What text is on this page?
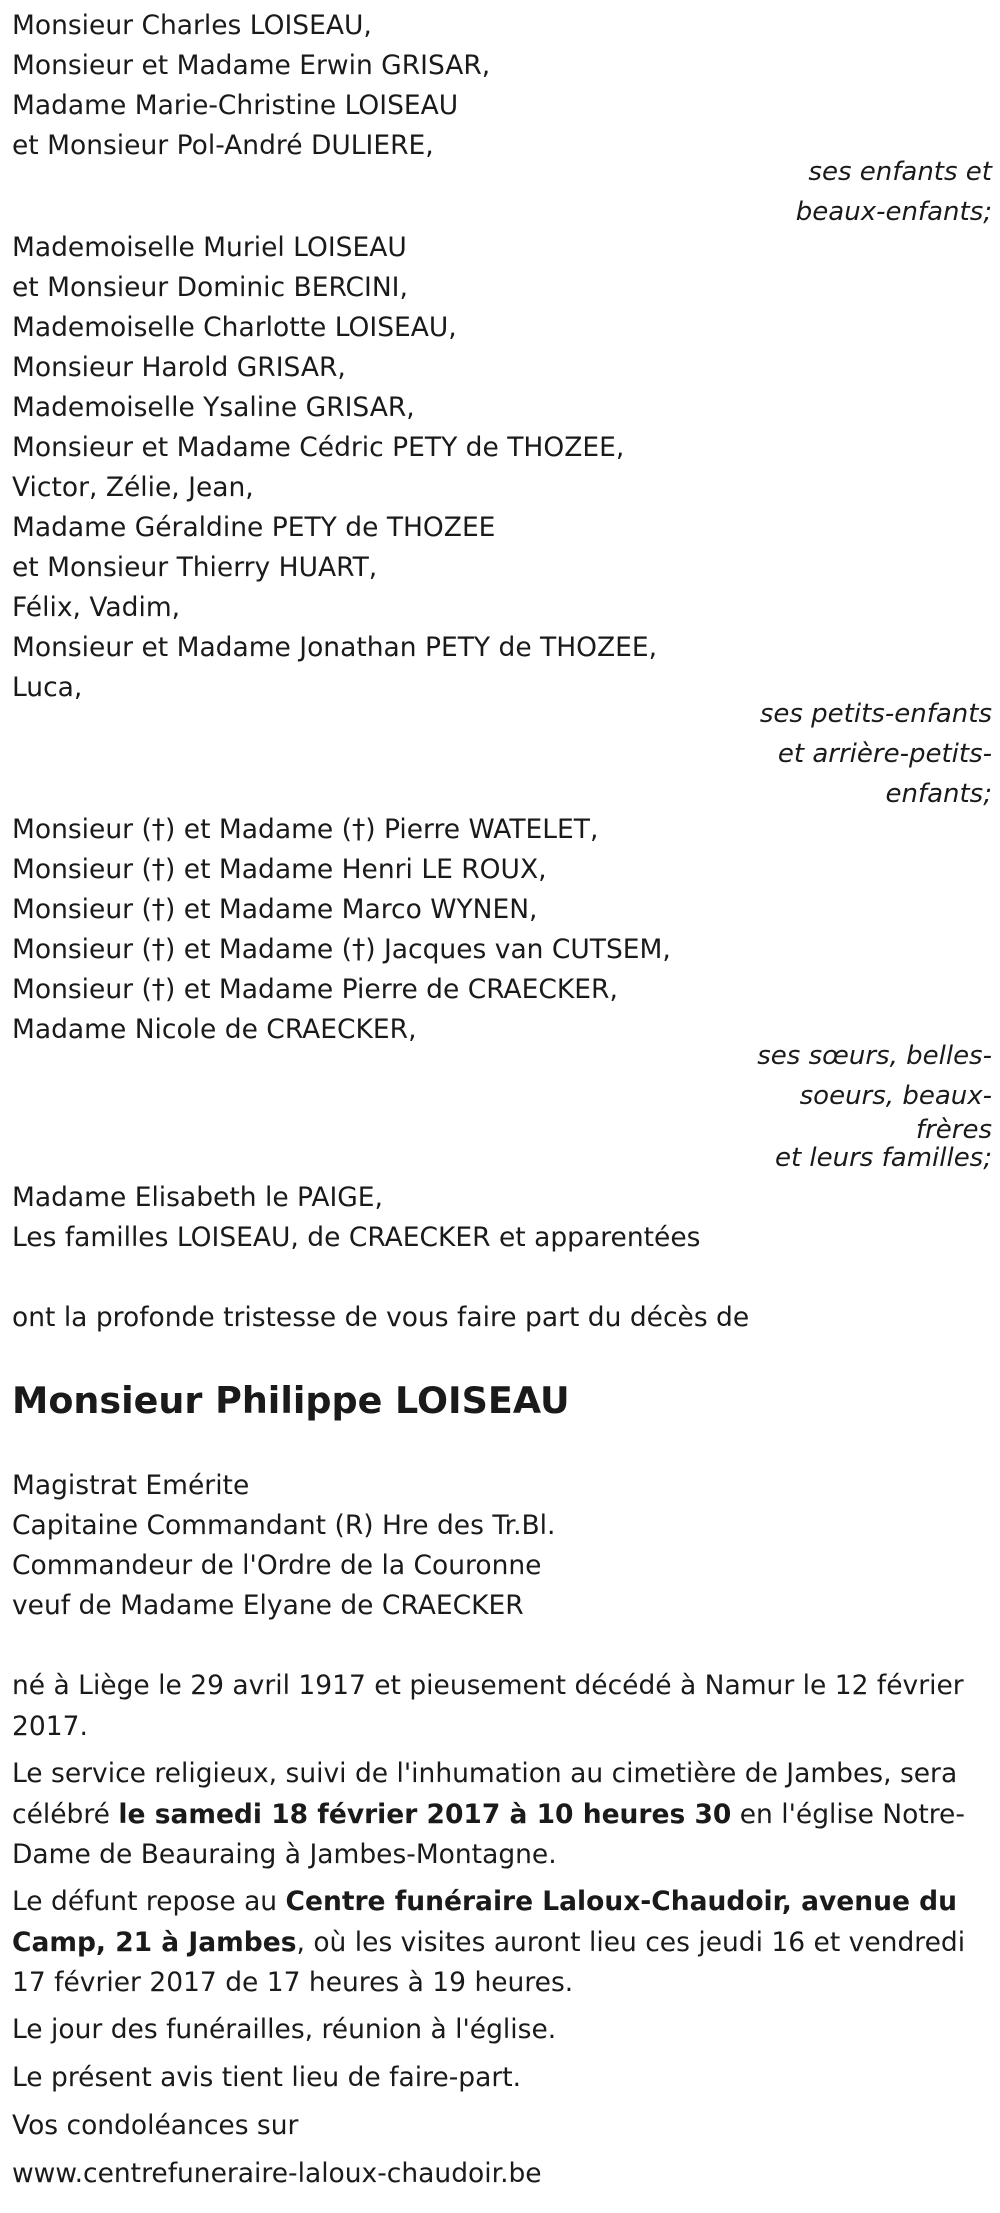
Monsieur Charles LOISEAU,
Monsieur et Madame Erwin GRISAR,
Madame Marie-Christine LOISEAU
et Monsieur Pol-André DULIERE,
ses enfants et
beaux-enfants;
Mademoiselle Muriel LOISEAU
et Monsieur Dominic BERCINI,
Mademoiselle Charlotte LOISEAU,
Monsieur Harold GRISAR,
Mademoiselle Ysaline GRISAR,
Monsieur et Madame Cédric PETY de THOZEE,
Victor, Zélie, Jean,
Madame Géraldine PETY de THOZEE
et Monsieur Thierry HUART,
Félix, Vadim,
Monsieur et Madame Jonathan PETY de THOZEE,
Luca,
ses petits-enfants
et arrière-petits-
enfants;
Monsieur (†) et Madame (†) Pierre WATELET,
Monsieur (†) et Madame Henri LE ROUX,
Monsieur (†) et Madame Marco WYNEN,
Monsieur (†) et Madame (†) Jacques van CUTSEM,
Monsieur (†) et Madame Pierre de CRAECKER,
Madame Nicole de CRAECKER,
ses sœurs, belles-
soeurs, beaux-
frères
et leurs familles;
Madame Elisabeth le PAIGE,
Les familles LOISEAU, de CRAECKER et apparentées
ont la profonde tristesse de vous faire part du décès de
Monsieur Philippe LOISEAU
Magistrat Emérite
Capitaine Commandant (R) Hre des Tr.Bl.
Commandeur de l'Ordre de la Couronne
veuf de Madame Elyane de CRAECKER
né à Liège le 29 avril 1917 et pieusement décédé à Namur le 12 février 2017.
Le service religieux, suivi de l'inhumation au cimetière de Jambes, sera célébré le samedi 18 février 2017 à 10 heures 30 en l'église Notre-Dame de Beauraing à Jambes-Montagne.
Le défunt repose au Centre funéraire Laloux-Chaudoir, avenue du Camp, 21 à Jambes, où les visites auront lieu ces jeudi 16 et vendredi 17 février 2017 de 17 heures à 19 heures.
Le jour des funérailles, réunion à l'église.
Le présent avis tient lieu de faire-part.
Vos condoléances sur
www.centrefuneraire-laloux-chaudoir.be
